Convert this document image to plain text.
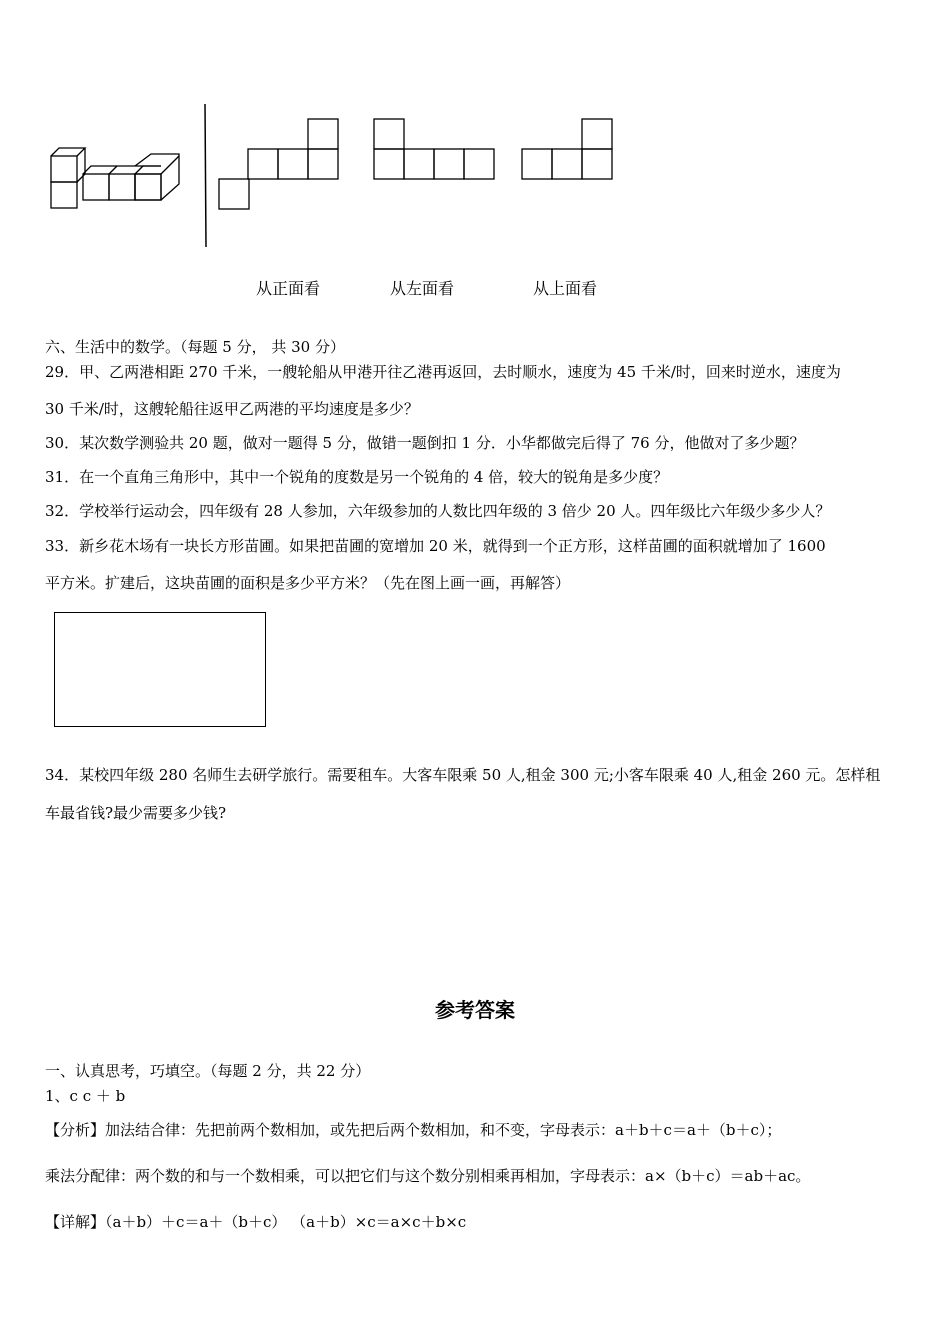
从正面看	从左面看	从上面看
六、生活中的数学。（每题 5 分， 共 30 分）
29．甲、乙两港相距 270 千米，一艘轮船从甲港开往乙港再返回，去时顺水，速度为 45 千米/时，回来时逆水，速度为
30 千米/时，这艘轮船往返甲乙两港的平均速度是多少？
30．某次数学测验共 20 题，做对一题得 5 分，做错一题倒扣 1 分．小华都做完后得了 76 分，他做对了多少题？
31．在一个直角三角形中，其中一个锐角的度数是另一个锐角的 4 倍，较大的锐角是多少度？
32．学校举行运动会，四年级有 28 人参加，六年级参加的人数比四年级的 3 倍少 20 人。四年级比六年级少多少人？
33．新乡花木场有一块长方形苗圃。如果把苗圃的宽增加 20 米，就得到一个正方形，这样苗圃的面积就增加了 1600
平方米。扩建后，这块苗圃的面积是多少平方米？（先在图上画一画，再解答）
34．某校四年级 280 名师生去研学旅行。需要租车。大客车限乘 50 人,租金 300 元;小客车限乘 40 人,租金 260 元。怎样租
车最省钱?最少需要多少钱?
参考答案
一、认真思考，巧填空。（每题 2 分，共 22 分）
1、c c ＋ b
【分析】加法结合律：先把前两个数相加，或先把后两个数相加，和不变，字母表示：a＋b＋c＝a＋（b＋c）；
乘法分配律：两个数的和与一个数相乘，可以把它们与这个数分别相乘再相加，字母表示：a×（b＋c）＝ab＋ac。
【详解】（a＋b）＋c＝a＋（b＋c） （a＋b）×c＝a×c＋b×c
